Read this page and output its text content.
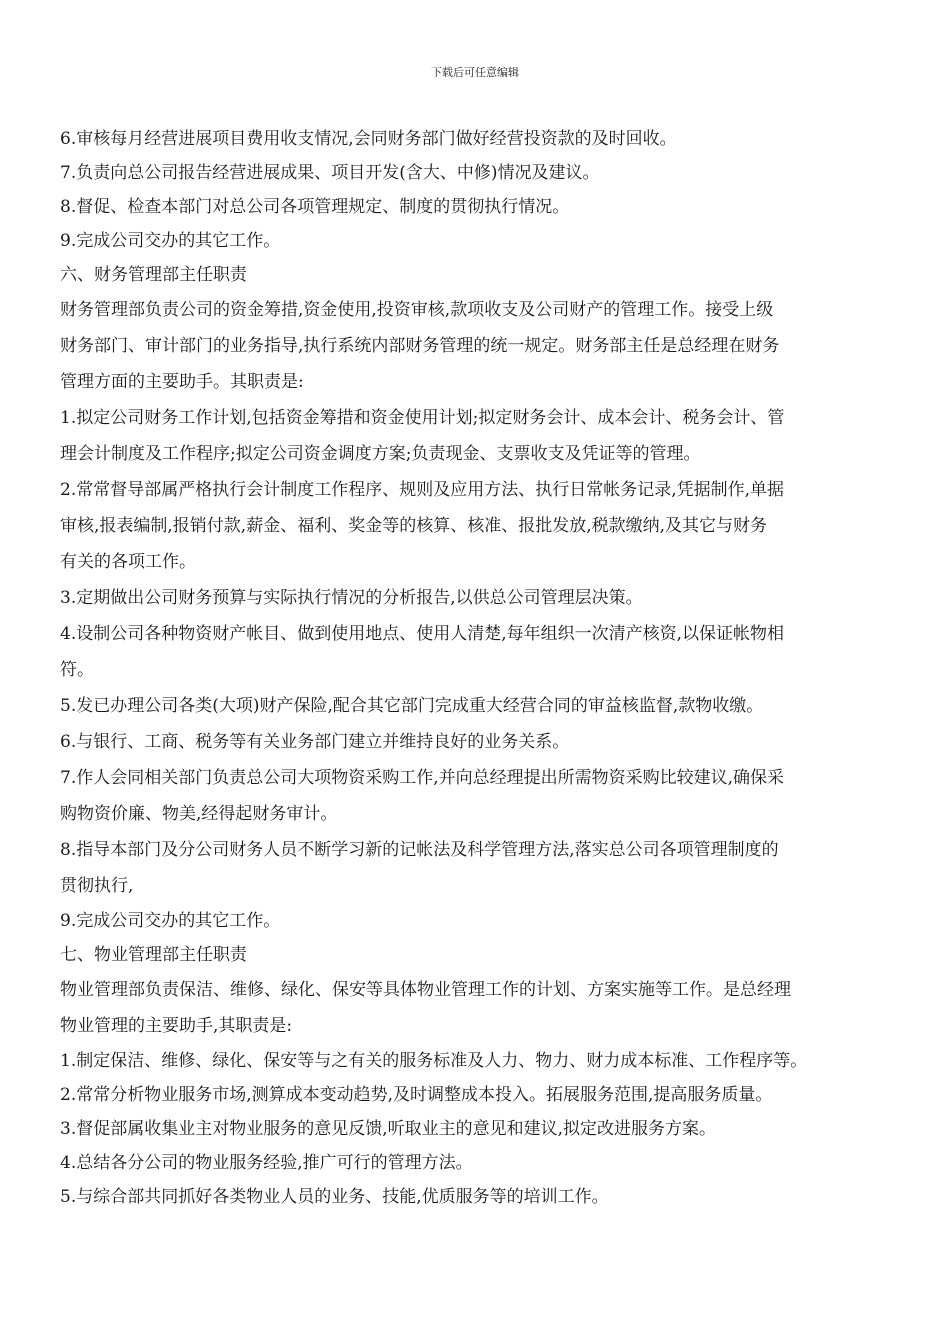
下载后可任意编辑
6.审核每月经营进展项目费用收支情况,会同财务部门做好经营投资款的及时回收。
7.负责向总公司报告经营进展成果、项目开发(含大、中修)情况及建议。
8.督促、检查本部门对总公司各项管理规定、制度的贯彻执行情况。
9.完成公司交办的其它工作。
六、财务管理部主任职责
财务管理部负责公司的资金筹措,资金使用,投资审核,款项收支及公司财产的管理工作。接受上级
财务部门、审计部门的业务指导,执行系统内部财务管理的统一规定。财务部主任是总经理在财务
管理方面的主要助手。其职责是:
1.拟定公司财务工作计划,包括资金筹措和资金使用计划;拟定财务会计、成本会计、税务会计、管
理会计制度及工作程序;拟定公司资金调度方案;负责现金、支票收支及凭证等的管理。
2.常常督导部属严格执行会计制度工作程序、规则及应用方法、执行日常帐务记录,凭据制作,单据
审核,报表编制,报销付款,薪金、福利、奖金等的核算、核准、报批发放,税款缴纳,及其它与财务
有关的各项工作。
3.定期做出公司财务预算与实际执行情况的分析报告,以供总公司管理层决策。
4.设制公司各种物资财产帐目、做到使用地点、使用人清楚,每年组织一次清产核资,以保证帐物相
符。
5.发已办理公司各类(大项)财产保险,配合其它部门完成重大经营合同的审益核监督,款物收缴。
6.与银行、工商、税务等有关业务部门建立并维持良好的业务关系。
7.作人会同相关部门负责总公司大项物资采购工作,并向总经理提出所需物资采购比较建议,确保采
购物资价廉、物美,经得起财务审计。
8.指导本部门及分公司财务人员不断学习新的记帐法及科学管理方法,落实总公司各项管理制度的
贯彻执行,
9.完成公司交办的其它工作。
七、物业管理部主任职责
物业管理部负责保洁、维修、绿化、保安等具体物业管理工作的计划、方案实施等工作。是总经理
物业管理的主要助手,其职责是:
1.制定保洁、维修、绿化、保安等与之有关的服务标准及人力、物力、财力成本标准、工作程序等。
2.常常分析物业服务市场,测算成本变动趋势,及时调整成本投入。拓展服务范围,提高服务质量。
3.督促部属收集业主对物业服务的意见反馈,听取业主的意见和建议,拟定改进服务方案。
4.总结各分公司的物业服务经验,推广可行的管理方法。
5.与综合部共同抓好各类物业人员的业务、技能,优质服务等的培训工作。
